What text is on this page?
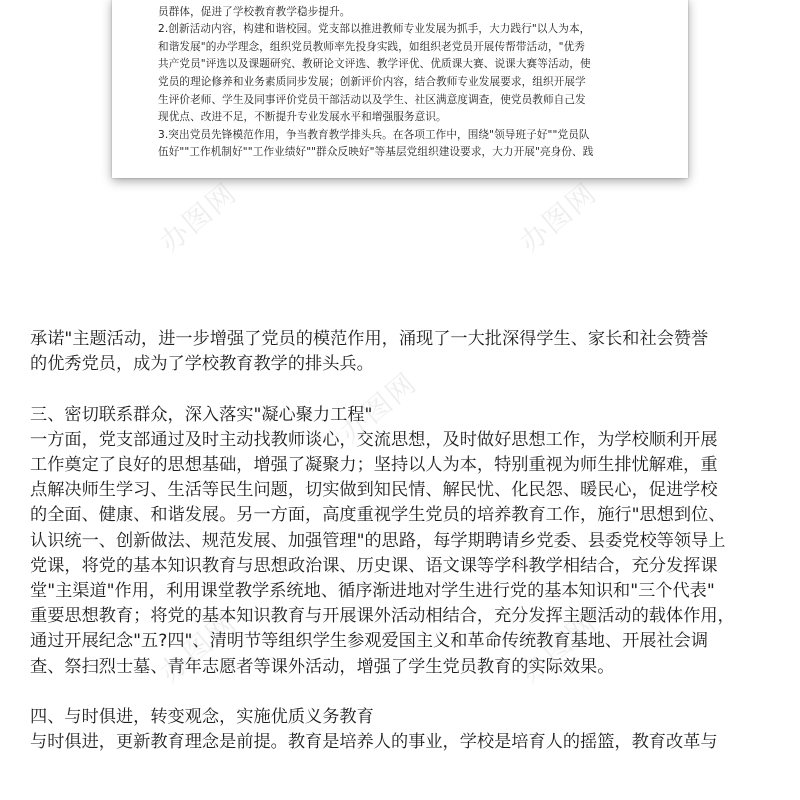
员群体，促进了学校教育教学稳步提升。

2.创新活动内容，构建和谐校园。党支部以推进教师专业发展为抓手，大力践行"以人为本，

和谐发展"的办学理念，组织党员教师率先投身实践，如组织老党员开展传帮带活动，"优秀

共产党员"评选以及课题研究、教研论文评选、教学评优、优质课大赛、说课大赛等活动，使

党员的理论修养和业务素质同步发展；创新评价内容，结合教师专业发展要求，组织开展学

生评价老师、学生及同事评价党员干部活动以及学生、社区满意度调查，使党员教师自己发

现优点、改进不足，不断提升专业发展水平和增强服务意识。

3.突出党员先锋模范作用，争当教育教学排头兵。在各项工作中，围绕"领导班子好""党员队

伍好""工作机制好""工作业绩好""群众反映好"等基层党组织建设要求，大力开展"亮身份、践

办图网	办图网
办图网
办图网	办图网

承诺"主题活动，进一步增强了党员的模范作用，涌现了一大批深得学生、家长和社会赞誉

的优秀党员，成为了学校教育教学的排头兵。

三、密切联系群众，深入落实"凝心聚力工程"

一方面，党支部通过及时主动找教师谈心，交流思想，及时做好思想工作，为学校顺利开展

工作奠定了良好的思想基础，增强了凝聚力；坚持以人为本，特别重视为师生排忧解难，重

点解决师生学习、生活等民生问题，切实做到知民情、解民忧、化民怨、暖民心，促进学校

的全面、健康、和谐发展。另一方面，高度重视学生党员的培养教育工作，施行"思想到位、

认识统一、创新做法、规范发展、加强管理"的思路，每学期聘请乡党委、县委党校等领导上

党课，将党的基本知识教育与思想政治课、历史课、语文课等学科教学相结合，充分发挥课

堂"主渠道"作用，利用课堂教学系统地、循序渐进地对学生进行党的基本知识和"三个代表"

重要思想教育；将党的基本知识教育与开展课外活动相结合，充分发挥主题活动的载体作用，

通过开展纪念"五?四"、清明节等组织学生参观爱国主义和革命传统教育基地、开展社会调

查、祭扫烈士墓、青年志愿者等课外活动，增强了学生党员教育的实际效果。

四、与时俱进，转变观念，实施优质义务教育

与时俱进，更新教育理念是前提。教育是培养人的事业，学校是培育人的摇篮，教育改革与
